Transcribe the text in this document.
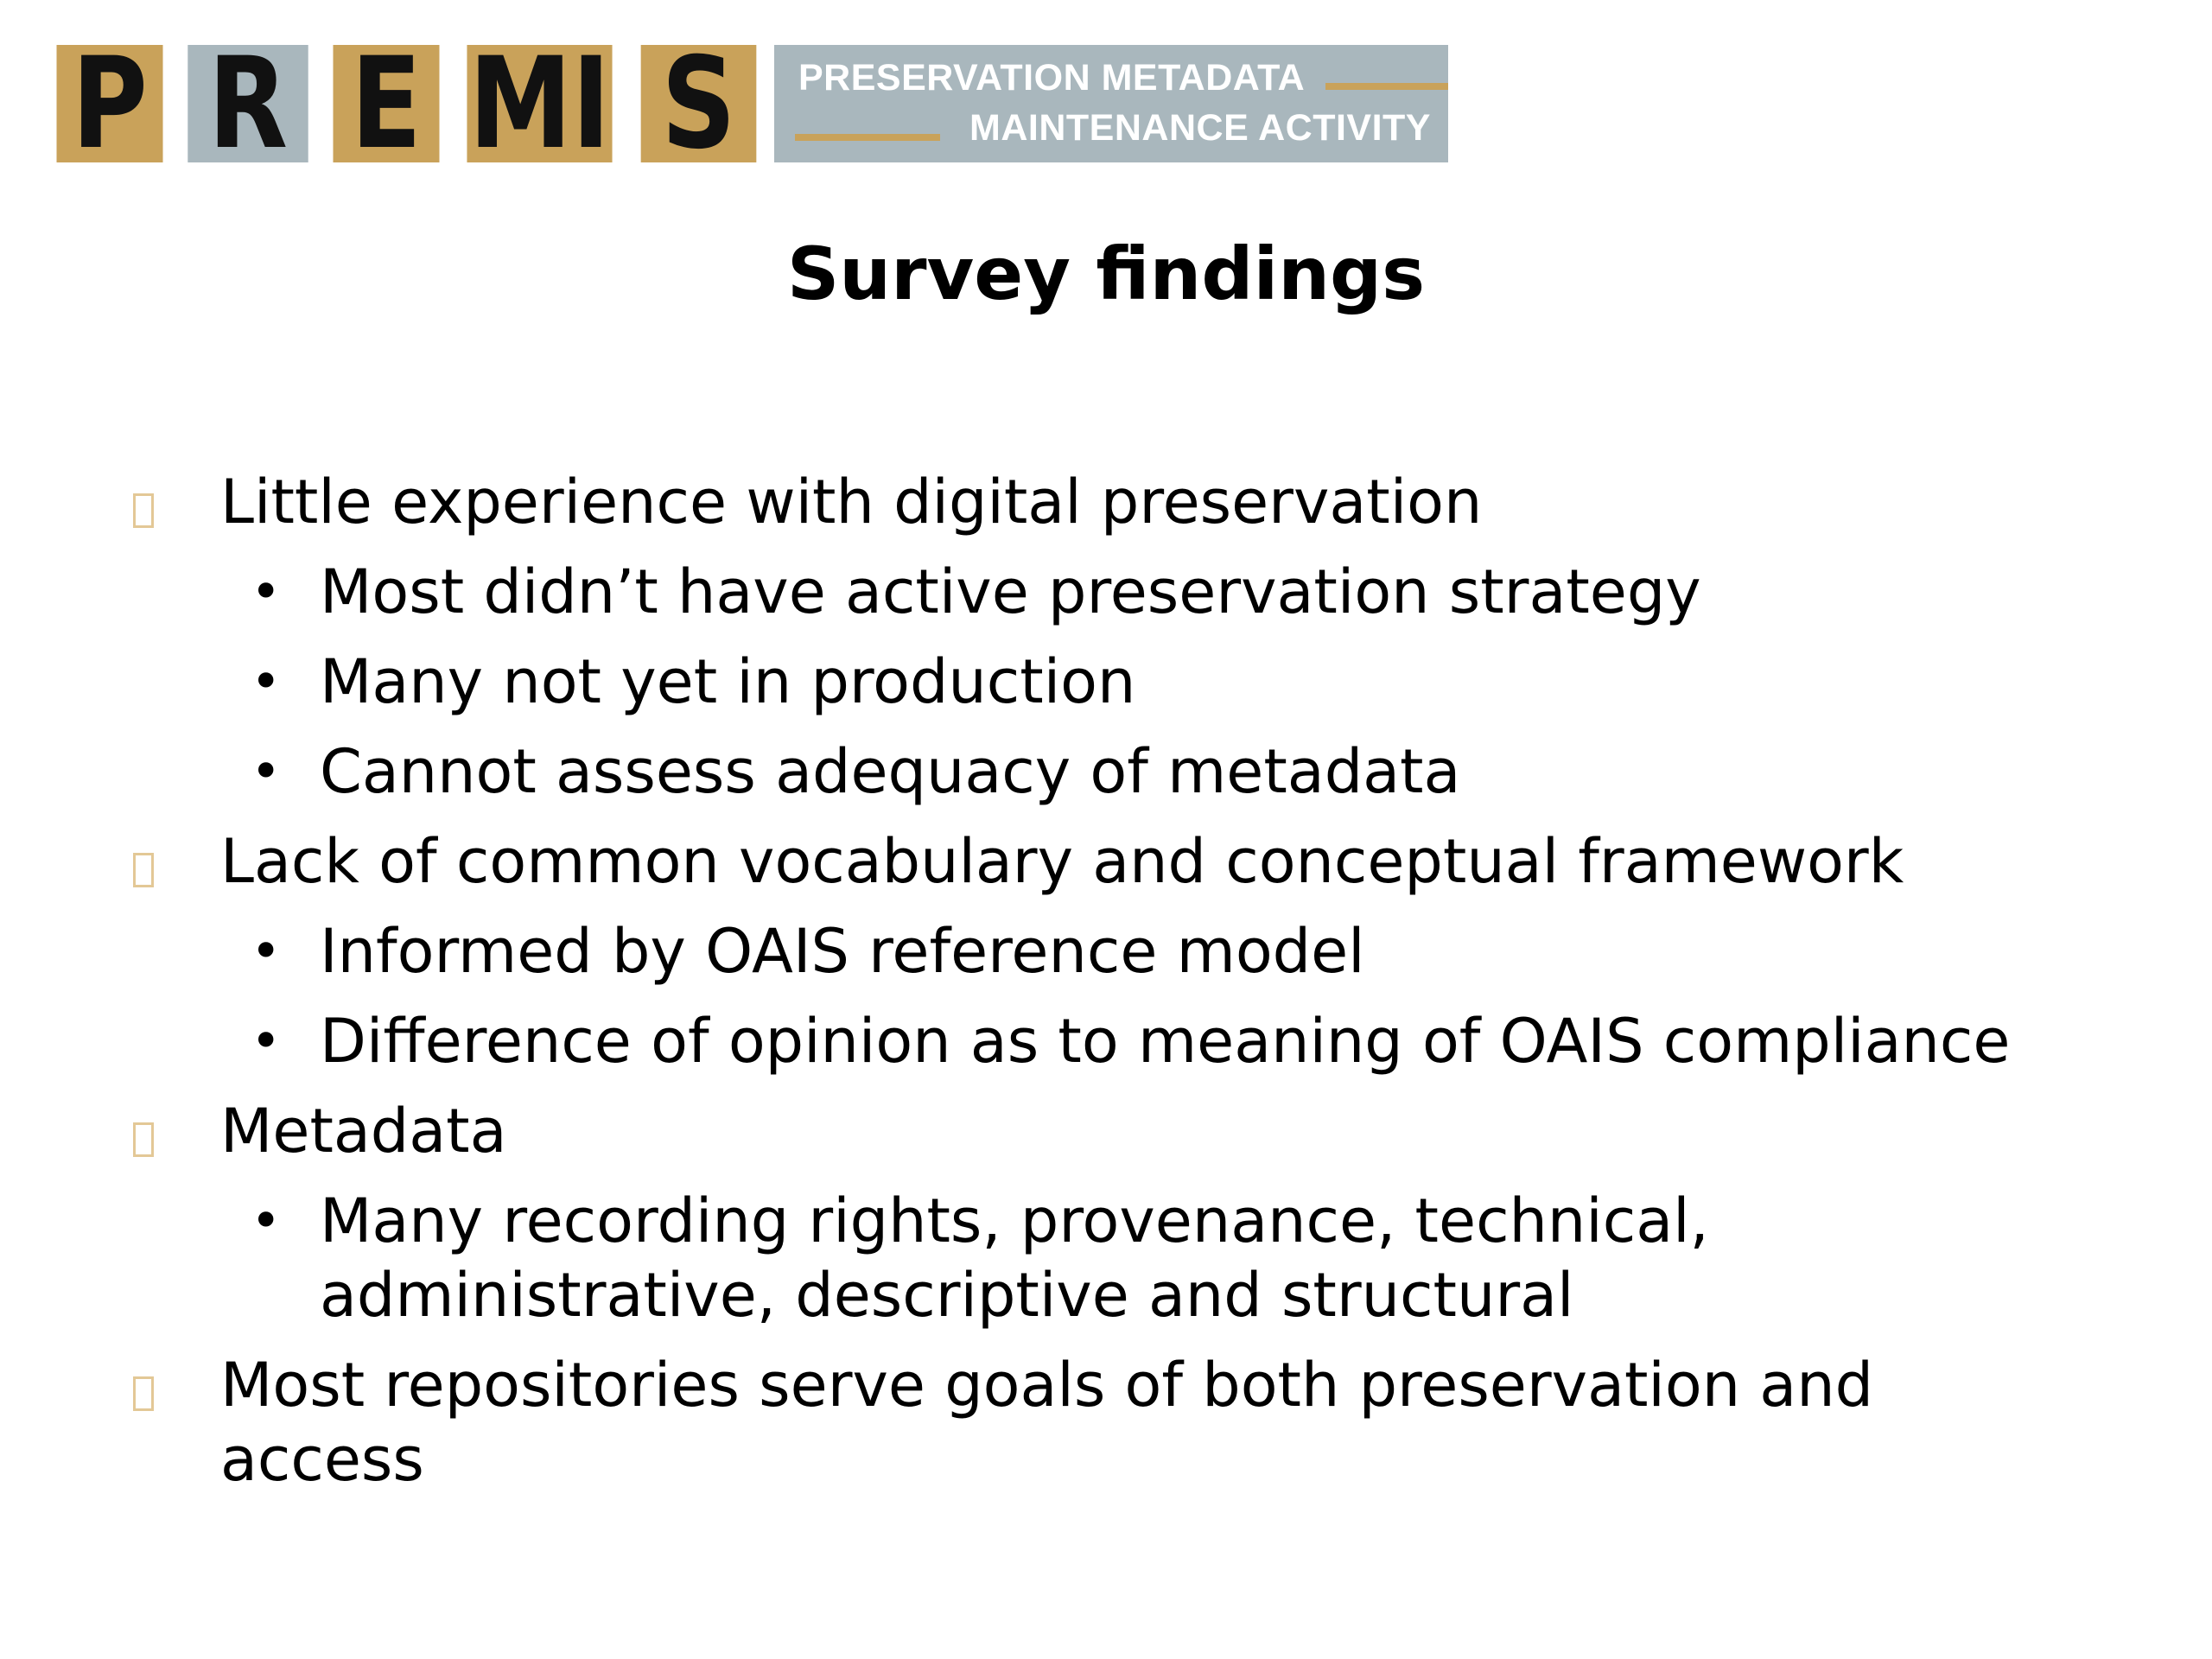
P R E MI S	PRESERVATION METADATA
MAINTENANCE ACTIVITY
Survey findings
Little experience with digital preservation
• Most didn’t have active preservation strategy
• Many not yet in production
• Cannot assess adequacy of metadata
Lack of common vocabulary and conceptual framework
• Informed by OAIS reference model
• Difference of opinion as to meaning of OAIS compliance
Metadata
• Many recording rights, provenance, technical, administrative, descriptive and structural
Most repositories serve goals of both preservation and access
